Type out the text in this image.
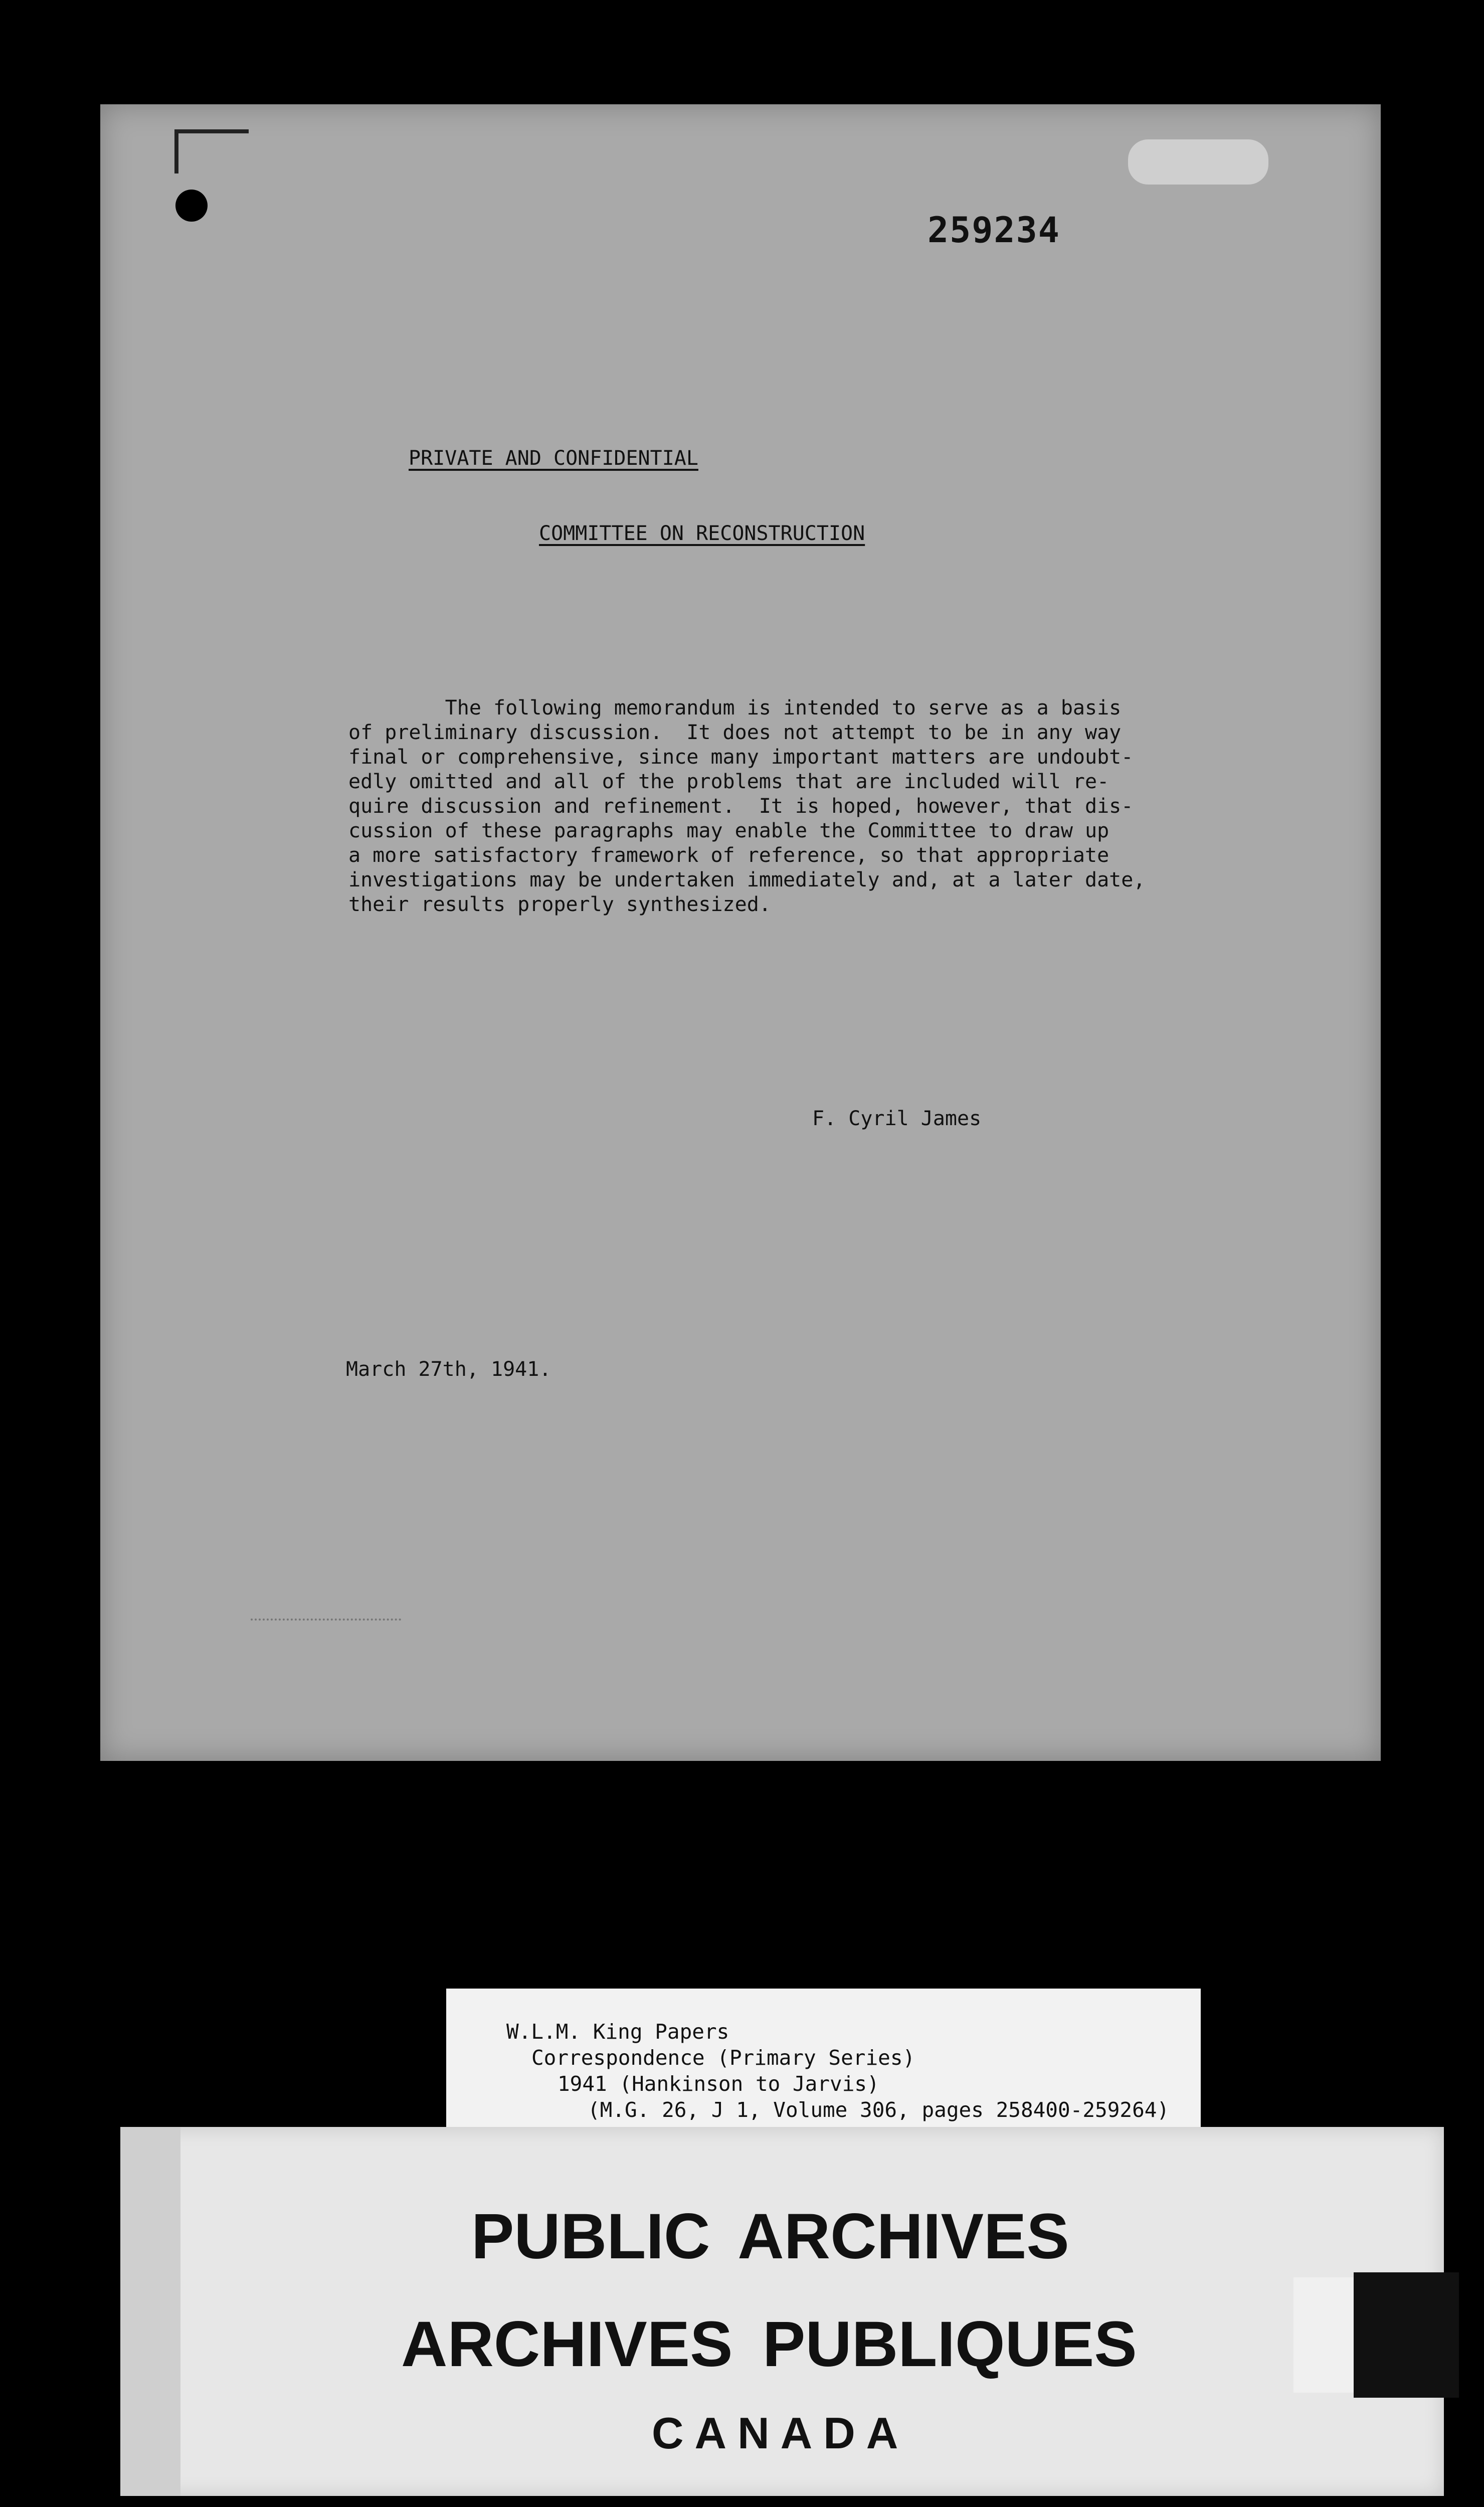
259234
PRIVATE AND CONFIDENTIAL
COMMITTEE ON RECONSTRUCTION
The following memorandum is intended to serve as a basis
of preliminary discussion.  It does not attempt to be in any way
final or comprehensive, since many important matters are undoubt-
edly omitted and all of the problems that are included will re-
quire discussion and refinement.  It is hoped, however, that dis-
cussion of these paragraphs may enable the Committee to draw up
a more satisfactory framework of reference, so that appropriate
investigations may be undertaken immediately and, at a later date,
their results properly synthesized.
F. Cyril James
March 27th, 1941.
W.L.M. King Papers
Correspondence (Primary Series)
1941 (Hankinson to Jarvis)
(M.G. 26, J 1, Volume 306, pages 258400-259264)
PUBLIC ARCHIVES
ARCHIVES PUBLIQUES
CANADA
